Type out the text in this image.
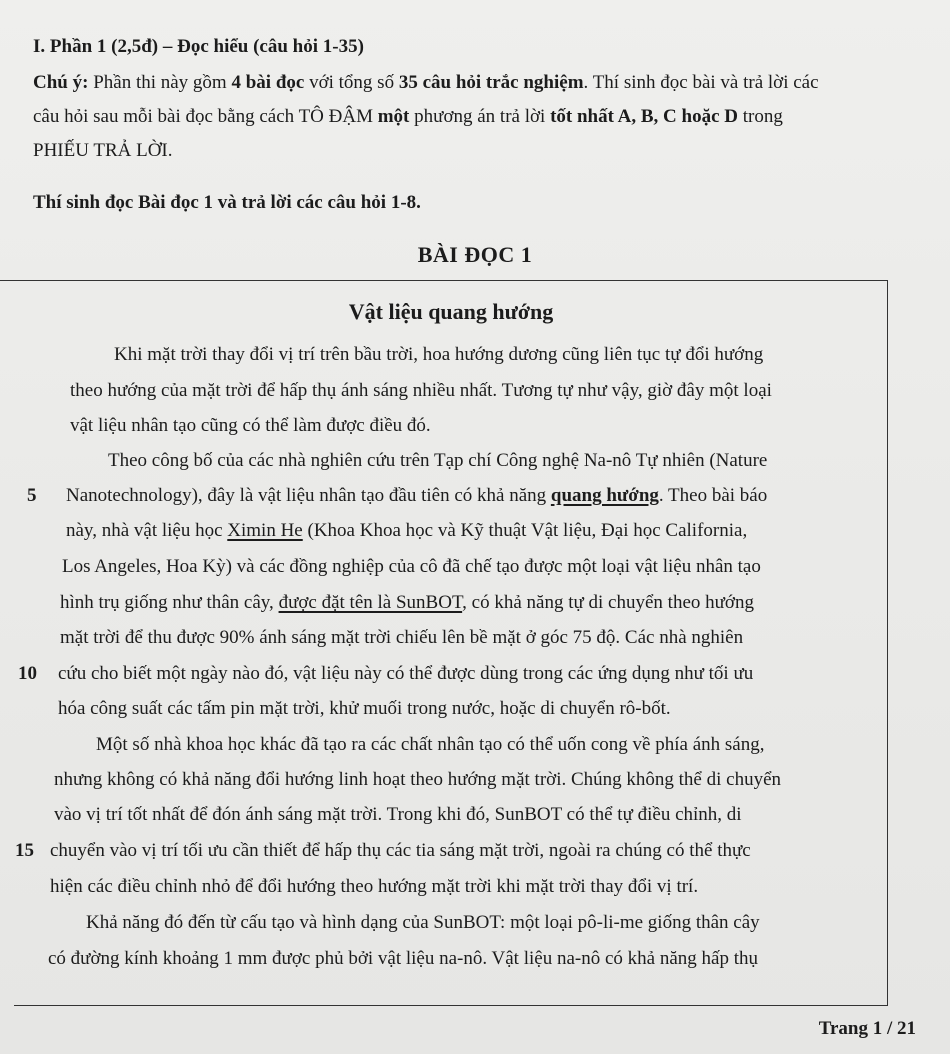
I. Phần 1 (2,5đ) – Đọc hiểu (câu hỏi 1-35)
Chú ý: Phần thi này gồm 4 bài đọc với tổng số 35 câu hỏi trắc nghiệm. Thí sinh đọc bài và trả lời các
câu hỏi sau mỗi bài đọc bằng cách TÔ ĐẬM một phương án trả lời tốt nhất A, B, C hoặc D trong
PHIẾU TRẢ LỜI.
Thí sinh đọc Bài đọc 1 và trả lời các câu hỏi 1-8.
BÀI ĐỌC 1
Vật liệu quang hướng
Khi mặt trời thay đổi vị trí trên bầu trời, hoa hướng dương cũng liên tục tự đổi hướng
theo hướng của mặt trời để hấp thụ ánh sáng nhiều nhất. Tương tự như vậy, giờ đây một loại
vật liệu nhân tạo cũng có thể làm được điều đó.
Theo công bố của các nhà nghiên cứu trên Tạp chí Công nghệ Na-nô Tự nhiên (Nature
5 Nanotechnology), đây là vật liệu nhân tạo đầu tiên có khả năng quang hướng. Theo bài báo
này, nhà vật liệu học Ximin He (Khoa Khoa học và Kỹ thuật Vật liệu, Đại học California,
Los Angeles, Hoa Kỳ) và các đồng nghiệp của cô đã chế tạo được một loại vật liệu nhân tạo
hình trụ giống như thân cây, được đặt tên là SunBOT, có khả năng tự di chuyển theo hướng
mặt trời để thu được 90% ánh sáng mặt trời chiếu lên bề mặt ở góc 75 độ. Các nhà nghiên
10 cứu cho biết một ngày nào đó, vật liệu này có thể được dùng trong các ứng dụng như tối ưu
hóa công suất các tấm pin mặt trời, khử muối trong nước, hoặc di chuyển rô-bốt.
Một số nhà khoa học khác đã tạo ra các chất nhân tạo có thể uốn cong về phía ánh sáng,
nhưng không có khả năng đổi hướng linh hoạt theo hướng mặt trời. Chúng không thể di chuyển
vào vị trí tốt nhất để đón ánh sáng mặt trời. Trong khi đó, SunBOT có thể tự điều chỉnh, di
15 chuyển vào vị trí tối ưu cần thiết để hấp thụ các tia sáng mặt trời, ngoài ra chúng có thể thực
hiện các điều chỉnh nhỏ để đổi hướng theo hướng mặt trời khi mặt trời thay đổi vị trí.
Khả năng đó đến từ cấu tạo và hình dạng của SunBOT: một loại pô-li-me giống thân cây
có đường kính khoảng 1 mm được phủ bởi vật liệu na-nô. Vật liệu na-nô có khả năng hấp thụ
Trang 1 / 21
